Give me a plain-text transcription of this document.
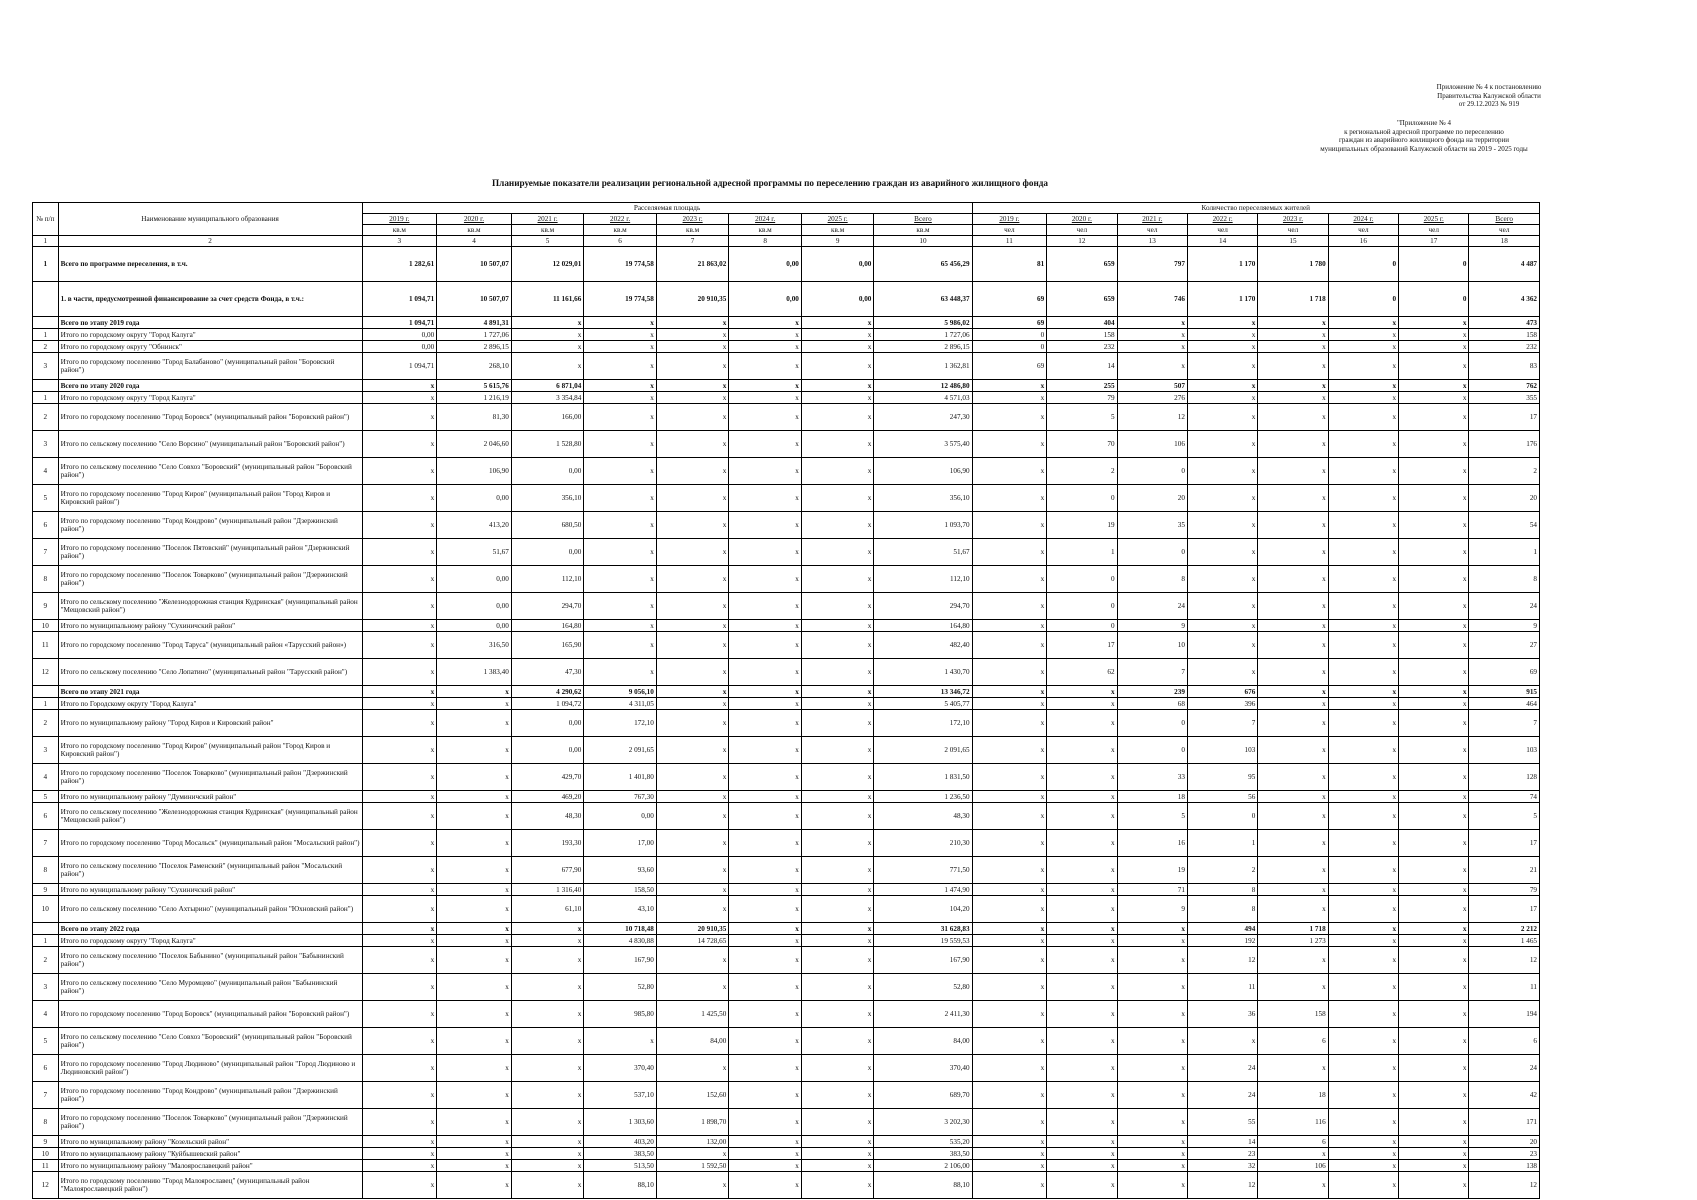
Приложение № 4 к постановлению
Правительства Калужской области
от 29.12.2023 № 919
"Приложение № 4
к региональной адресной программе по переселению
граждан из аварийного жилищного фонда на территории
муниципальных образований Калужской области на 2019 - 2025 годы
Планируемые показатели реализации региональной адресной программы по переселению граждан из аварийного жилищного фонда
№ п/п	Наименование муниципального образования	Расселяемая площадь								Количество переселяемых жителей							
		2019 г.	2020 г.	2021 г.	2022 г.	2023 г.	2024 г.	2025 г.	Всего	2019 г.	2020 г.	2021 г.	2022 г.	2023 г.	2024 г.	2025 г.	Всего
		кв.м	кв.м	кв.м	кв.м	кв.м	кв.м	кв.м	кв.м	чел	чел	чел	чел	чел	чел	чел	чел
1	2	3	4	5	6	7	8	9	10	11	12	13	14	15	16	17	18
1	Всего по программе переселения, в т.ч.	1 282,61	10 507,07	12 029,01	19 774,58	21 863,02	0,00	0,00	65 456,29	81	659	797	1 170	1 780	0	0	4 487
	1. в части, предусмотренной финансирование за счет средств Фонда, в т.ч.:	1 094,71	10 507,07	11 161,66	19 774,58	20 910,35	0,00	0,00	63 448,37	69	659	746	1 170	1 718	0	0	4 362
	Всего по этапу 2019 года	1 094,71	4 891,31	x	x	x	x	x	5 986,02	69	404	x	x	x	x	x	473
1	Итого по городскому округу "Город Калуга"	0,00	1 727,06	x	x	x	x	x	1 727,06	0	158	x	x	x	x	x	158
2	Итого по городскому округу "Обнинск"	0,00	2 896,15	x	x	x	x	x	2 896,15	0	232	x	x	x	x	x	232
3	Итого по городскому поселению "Город Балабаново" (муниципальный район "Боровский район")	1 094,71	268,10	x	x	x	x	x	1 362,81	69	14	x	x	x	x	x	83
	Всего по этапу 2020 года	x	5 615,76	6 871,04	x	x	x	x	12 486,80	x	255	507	x	x	x	x	762
1	Итого по городскому округу "Город Калуга"	x	1 216,19	3 354,84	x	x	x	x	4 571,03	x	79	276	x	x	x	x	355
2	Итого по городскому поселению "Город Боровск" (муниципальный район "Боровский район")	x	81,30	166,00	x	x	x	x	247,30	x	5	12	x	x	x	x	17
3	Итого по сельскому поселению "Село Ворсино" (муниципальный район "Боровский район")	x	2 046,60	1 528,80	x	x	x	x	3 575,40	x	70	106	x	x	x	x	176
4	Итого по сельскому поселению "Село Совхоз "Боровский" (муниципальный район "Боровский район")	x	106,90	0,00	x	x	x	x	106,90	x	2	0	x	x	x	x	2
5	Итого по городскому поселению "Город Киров" (муниципальный район "Город Киров и Кировский район")	x	0,00	356,10	x	x	x	x	356,10	x	0	20	x	x	x	x	20
6	Итого по городскому поселению "Город Кондрово" (муниципальный район "Дзержинский район")	x	413,20	680,50	x	x	x	x	1 093,70	x	19	35	x	x	x	x	54
7	Итого по городскому поселению "Поселок Пятовский" (муниципальный район "Дзержинский район")	x	51,67	0,00	x	x	x	x	51,67	x	1	0	x	x	x	x	1
8	Итого по городскому поселению "Поселок Товарково" (муниципальный район "Дзержинский район")	x	0,00	112,10	x	x	x	x	112,10	x	0	8	x	x	x	x	8
9	Итого по сельскому поселению "Железнодорожная станция Кудринская" (муниципальный район "Мещовский район")	x	0,00	294,70	x	x	x	x	294,70	x	0	24	x	x	x	x	24
10	Итого по муниципальному району "Сухиничский район"	x	0,00	164,80	x	x	x	x	164,80	x	0	9	x	x	x	x	9
11	Итого по городскому поселению "Город Таруса" (муниципальный район «Тарусский район»)	x	316,50	165,90	x	x	x	x	482,40	x	17	10	x	x	x	x	27
12	Итого по сельскому поселению "Село Лопатино" (муниципальный район "Тарусский район")	x	1 383,40	47,30	x	x	x	x	1 430,70	x	62	7	x	x	x	x	69
	Всего по этапу 2021 года	x	x	4 290,62	9 056,10	x	x	x	13 346,72	x	x	239	676	x	x	x	915
1	Итого по Городскому округу "Город Калуга"	x	x	1 094,72	4 311,05	x	x	x	5 405,77	x	x	68	396	x	x	x	464
2	Итого по муниципальному району "Город Киров и Кировский район"	x	x	0,00	172,10	x	x	x	172,10	x	x	0	7	x	x	x	7
3	Итого по городскому поселению "Город Киров" (муниципальный район "Город Киров и Кировский район")	x	x	0,00	2 091,65	x	x	x	2 091,65	x	x	0	103	x	x	x	103
4	Итого по городскому поселению "Поселок Товарково" (муниципальный район "Дзержинский район")	x	x	429,70	1 401,80	x	x	x	1 831,50	x	x	33	95	x	x	x	128
5	Итого по муниципальному району "Думиничский район"	x	x	469,20	767,30	x	x	x	1 236,50	x	x	18	56	x	x	x	74
6	Итого по сельскому поселению "Железнодорожная станция Кудринская" (муниципальный район "Мещовский район")	x	x	48,30	0,00	x	x	x	48,30	x	x	5	0	x	x	x	5
7	Итого по городскому поселению "Город Мосальск" (муниципальный район "Мосальский район")	x	x	193,30	17,00	x	x	x	210,30	x	x	16	1	x	x	x	17
8	Итого по сельскому поселению "Поселок Раменский" (муниципальный район "Мосальский район")	x	x	677,90	93,60	x	x	x	771,50	x	x	19	2	x	x	x	21
9	Итого по муниципальному району "Сухиничский район"	x	x	1 316,40	158,50	x	x	x	1 474,90	x	x	71	8	x	x	x	79
10	Итого по сельскому поселению "Село Ахтырино" (муниципальный район "Юхновский район")	x	x	61,10	43,10	x	x	x	104,20	x	x	9	8	x	x	x	17
	Всего по этапу 2022 года	x	x	x	10 718,48	20 910,35	x	x	31 628,83	x	x	x	494	1 718	x	x	2 212
1	Итого по городскому округу "Город Калуга"	x	x	x	4 830,88	14 728,65	x	x	19 559,53	x	x	x	192	1 273	x	x	1 465
2	Итого по сельскому поселению "Поселок Бабынино" (муниципальный район "Бабынинский район")	x	x	x	167,90	x	x	x	167,90	x	x	x	12	x	x	x	12
3	Итого по сельскому поселению "Село Муромцево" (муниципальный район "Бабынинский район")	x	x	x	52,80	x	x	x	52,80	x	x	x	11	x	x	x	11
4	Итого по городскому поселению "Город Боровск" (муниципальный район "Боровский район")	x	x	x	985,80	1 425,50	x	x	2 411,30	x	x	x	36	158	x	x	194
5	Итого по сельскому поселению "Село Совхоз "Боровский" (муниципальный район "Боровский район")	x	x	x	x	84,00	x	x	84,00	x	x	x	x	6	x	x	6
6	Итого по городскому поселению "Город Людиново" (муниципальный район "Город Людиново и Людиновский район")	x	x	x	370,40	x	x	x	370,40	x	x	x	24	x	x	x	24
7	Итого по городскому поселению "Город Кондрово" (муниципальный район "Дзержинский район")	x	x	x	537,10	152,60	x	x	689,70	x	x	x	24	18	x	x	42
8	Итого по городскому поселению "Поселок Товарково" (муниципальный район "Дзержинский район")	x	x	x	1 303,60	1 898,70	x	x	3 202,30	x	x	x	55	116	x	x	171
9	Итого по муниципальному району "Козельский район"	x	x	x	403,20	132,00	x	x	535,20	x	x	x	14	6	x	x	20
10	Итого по муниципальному району "Куйбышевский район"	x	x	x	383,50	x	x	x	383,50	x	x	x	23	x	x	x	23
11	Итого по муниципальному району "Малоярославецкий район"	x	x	x	513,50	1 592,50	x	x	2 106,00	x	x	x	32	106	x	x	138
12	Итого по городскому поселению "Город Малоярославец" (муниципальный район "Малоярославецкий район")	x	x	x	88,10	x	x	x	88,10	x	x	x	12	x	x	x	12
